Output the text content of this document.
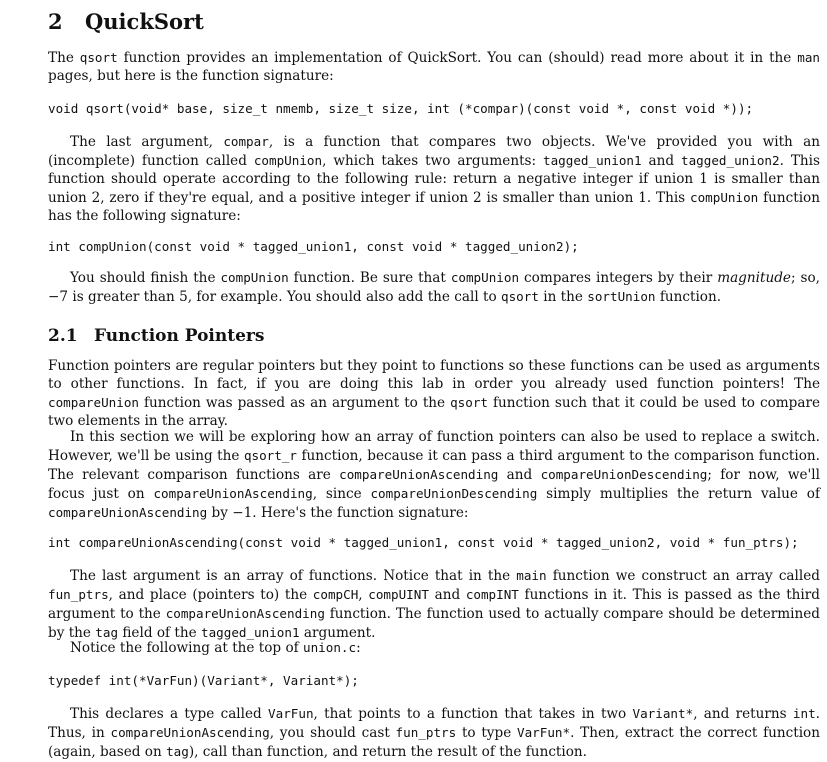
2 QuickSort
The qsort function provides an implementation of QuickSort. You can (should) read more about it in the man pages, but here is the function signature:
void qsort(void* base, size_t nmemb, size_t size, int (*compar)(const void *, const void *));
The last argument, compar, is a function that compares two objects. We've provided you with an (incomplete) function called compUnion, which takes two arguments: tagged_union1 and tagged_union2. This function should operate according to the following rule: return a negative integer if union 1 is smaller than union 2, zero if they're equal, and a positive integer if union 2 is smaller than union 1. This compUnion function has the following signature:
int compUnion(const void * tagged_union1, const void * tagged_union2);
You should finish the compUnion function. Be sure that compUnion compares integers by their magnitude; so, −7 is greater than 5, for example. You should also add the call to qsort in the sortUnion function.
2.1 Function Pointers
Function pointers are regular pointers but they point to functions so these functions can be used as arguments to other functions. In fact, if you are doing this lab in order you already used function pointers! The compareUnion function was passed as an argument to the qsort function such that it could be used to compare two elements in the array.
In this section we will be exploring how an array of function pointers can also be used to replace a switch. However, we'll be using the qsort_r function, because it can pass a third argument to the comparison function. The relevant comparison functions are compareUnionAscending and compareUnionDescending; for now, we'll focus just on compareUnionAscending, since compareUnionDescending simply multiplies the return value of compareUnionAscending by −1. Here's the function signature:
int compareUnionAscending(const void * tagged_union1, const void * tagged_union2, void * fun_ptrs);
The last argument is an array of functions. Notice that in the main function we construct an array called fun_ptrs, and place (pointers to) the compCH, compUINT and compINT functions in it. This is passed as the third argument to the compareUnionAscending function. The function used to actually compare should be determined by the tag field of the tagged_union1 argument.
Notice the following at the top of union.c:
typedef int(*VarFun)(Variant*, Variant*);
This declares a type called VarFun, that points to a function that takes in two Variant*, and returns int. Thus, in compareUnionAscending, you should cast fun_ptrs to type VarFun*. Then, extract the correct function (again, based on tag), call than function, and return the result of the function.
